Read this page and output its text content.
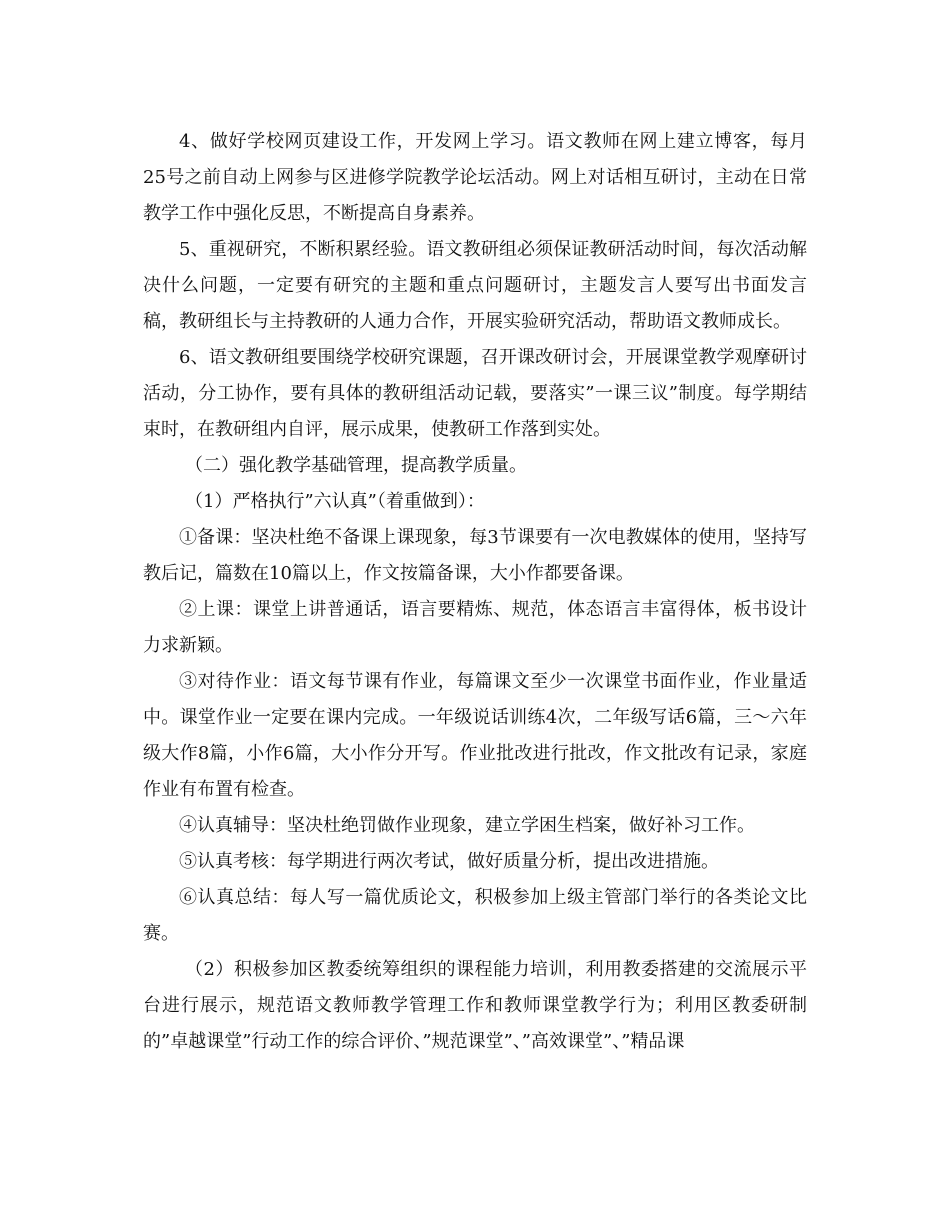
4、做好学校网页建设工作，开发网上学习。语文教师在网上建立博客，每月25号之前自动上网参与区进修学院教学论坛活动。网上对话相互研讨，主动在日常教学工作中强化反思，不断提高自身素养。

5、重视研究，不断积累经验。语文教研组必须保证教研活动时间，每次活动解决什么问题，一定要有研究的主题和重点问题研讨，主题发言人要写出书面发言稿，教研组长与主持教研的人通力合作，开展实验研究活动，帮助语文教师成长。

6、语文教研组要围绕学校研究课题，召开课改研讨会，开展课堂教学观摩研讨活动，分工协作，要有具体的教研组活动记载，要落实”一课三议”制度。每学期结束时，在教研组内自评，展示成果，使教研工作落到实处。

（二）强化教学基础管理，提高教学质量。

（1）严格执行”六认真”（着重做到）：

①备课：坚决杜绝不备课上课现象，每3节课要有一次电教媒体的使用，坚持写教后记，篇数在10篇以上，作文按篇备课，大小作都要备课。

②上课：课堂上讲普通话，语言要精炼、规范，体态语言丰富得体，板书设计力求新颖。

③对待作业：语文每节课有作业，每篇课文至少一次课堂书面作业，作业量适中。课堂作业一定要在课内完成。一年级说话训练4次，二年级写话6篇，三～六年级大作8篇，小作6篇，大小作分开写。作业批改进行批改，作文批改有记录，家庭作业有布置有检查。

④认真辅导：坚决杜绝罚做作业现象，建立学困生档案，做好补习工作。

⑤认真考核：每学期进行两次考试，做好质量分析，提出改进措施。

⑥认真总结：每人写一篇优质论文，积极参加上级主管部门举行的各类论文比赛。

（2）积极参加区教委统筹组织的课程能力培训，利用教委搭建的交流展示平台进行展示，规范语文教师教学管理工作和教师课堂教学行为；利用区教委研制的”卓越课堂”行动工作的综合评价、”规范课堂”、”高效课堂”、”精品课
